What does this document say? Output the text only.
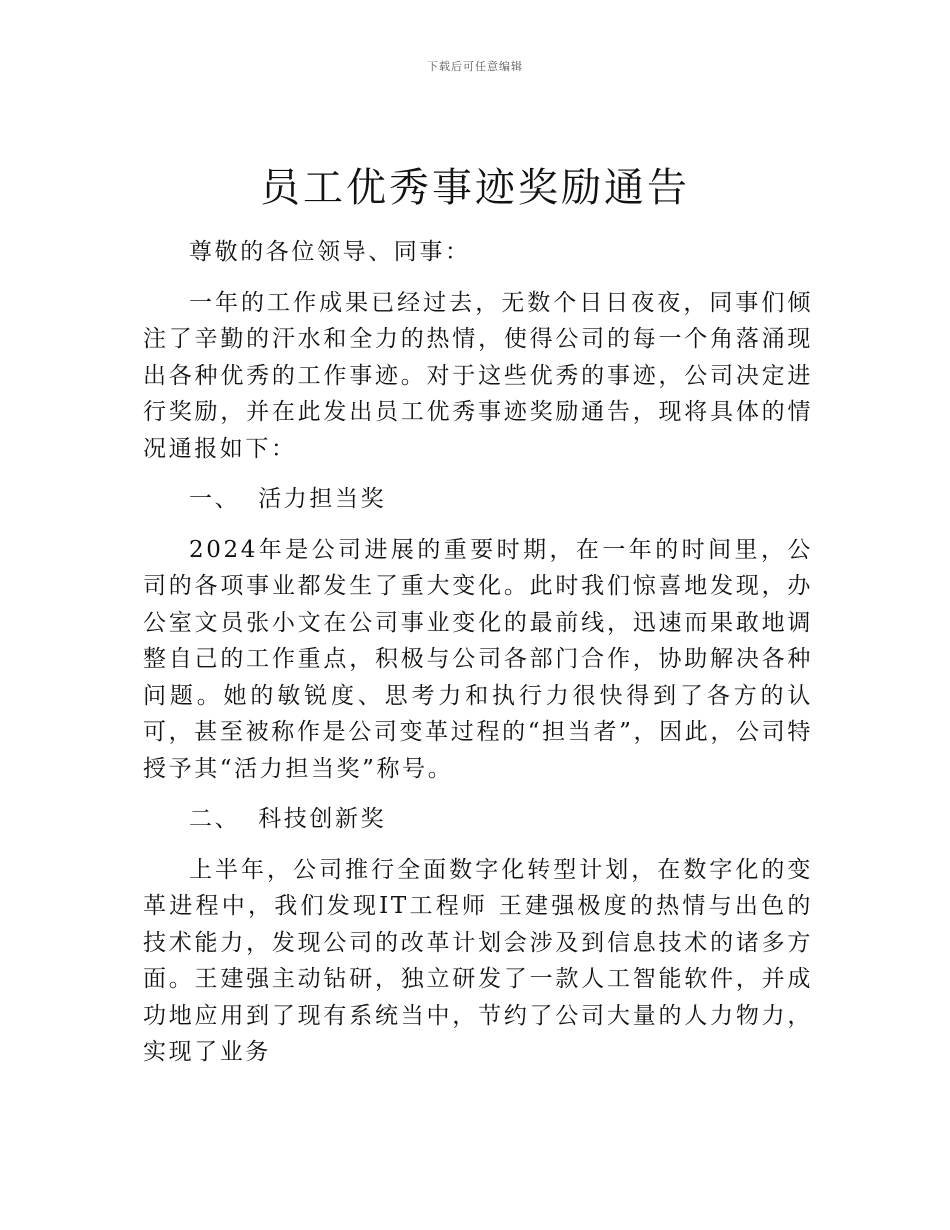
下载后可任意编辑
员工优秀事迹奖励通告

尊敬的各位领导、同事：

一年的工作成果已经过去，无数个日日夜夜，同事们倾注了辛勤的汗水和全力的热情，使得公司的每一个角落涌现出各种优秀的工作事迹。对于这些优秀的事迹，公司决定进行奖励，并在此发出员工优秀事迹奖励通告，现将具体的情况通报如下：

一、 活力担当奖

2024年是公司进展的重要时期，在一年的时间里，公司的各项事业都发生了重大变化。此时我们惊喜地发现，办公室文员张小文在公司事业变化的最前线，迅速而果敢地调整自己的工作重点，积极与公司各部门合作，协助解决各种问题。她的敏锐度、思考力和执行力很快得到了各方的认可，甚至被称作是公司变革过程的“担当者”，因此，公司特授予其“活力担当奖”称号。

二、 科技创新奖

上半年，公司推行全面数字化转型计划，在数字化的变革进程中，我们发现IT工程师 王建强极度的热情与出色的技术能力，发现公司的改革计划会涉及到信息技术的诸多方面。王建强主动钻研，独立研发了一款人工智能软件，并成功地应用到了现有系统当中，节约了公司大量的人力物力，实现了业务
